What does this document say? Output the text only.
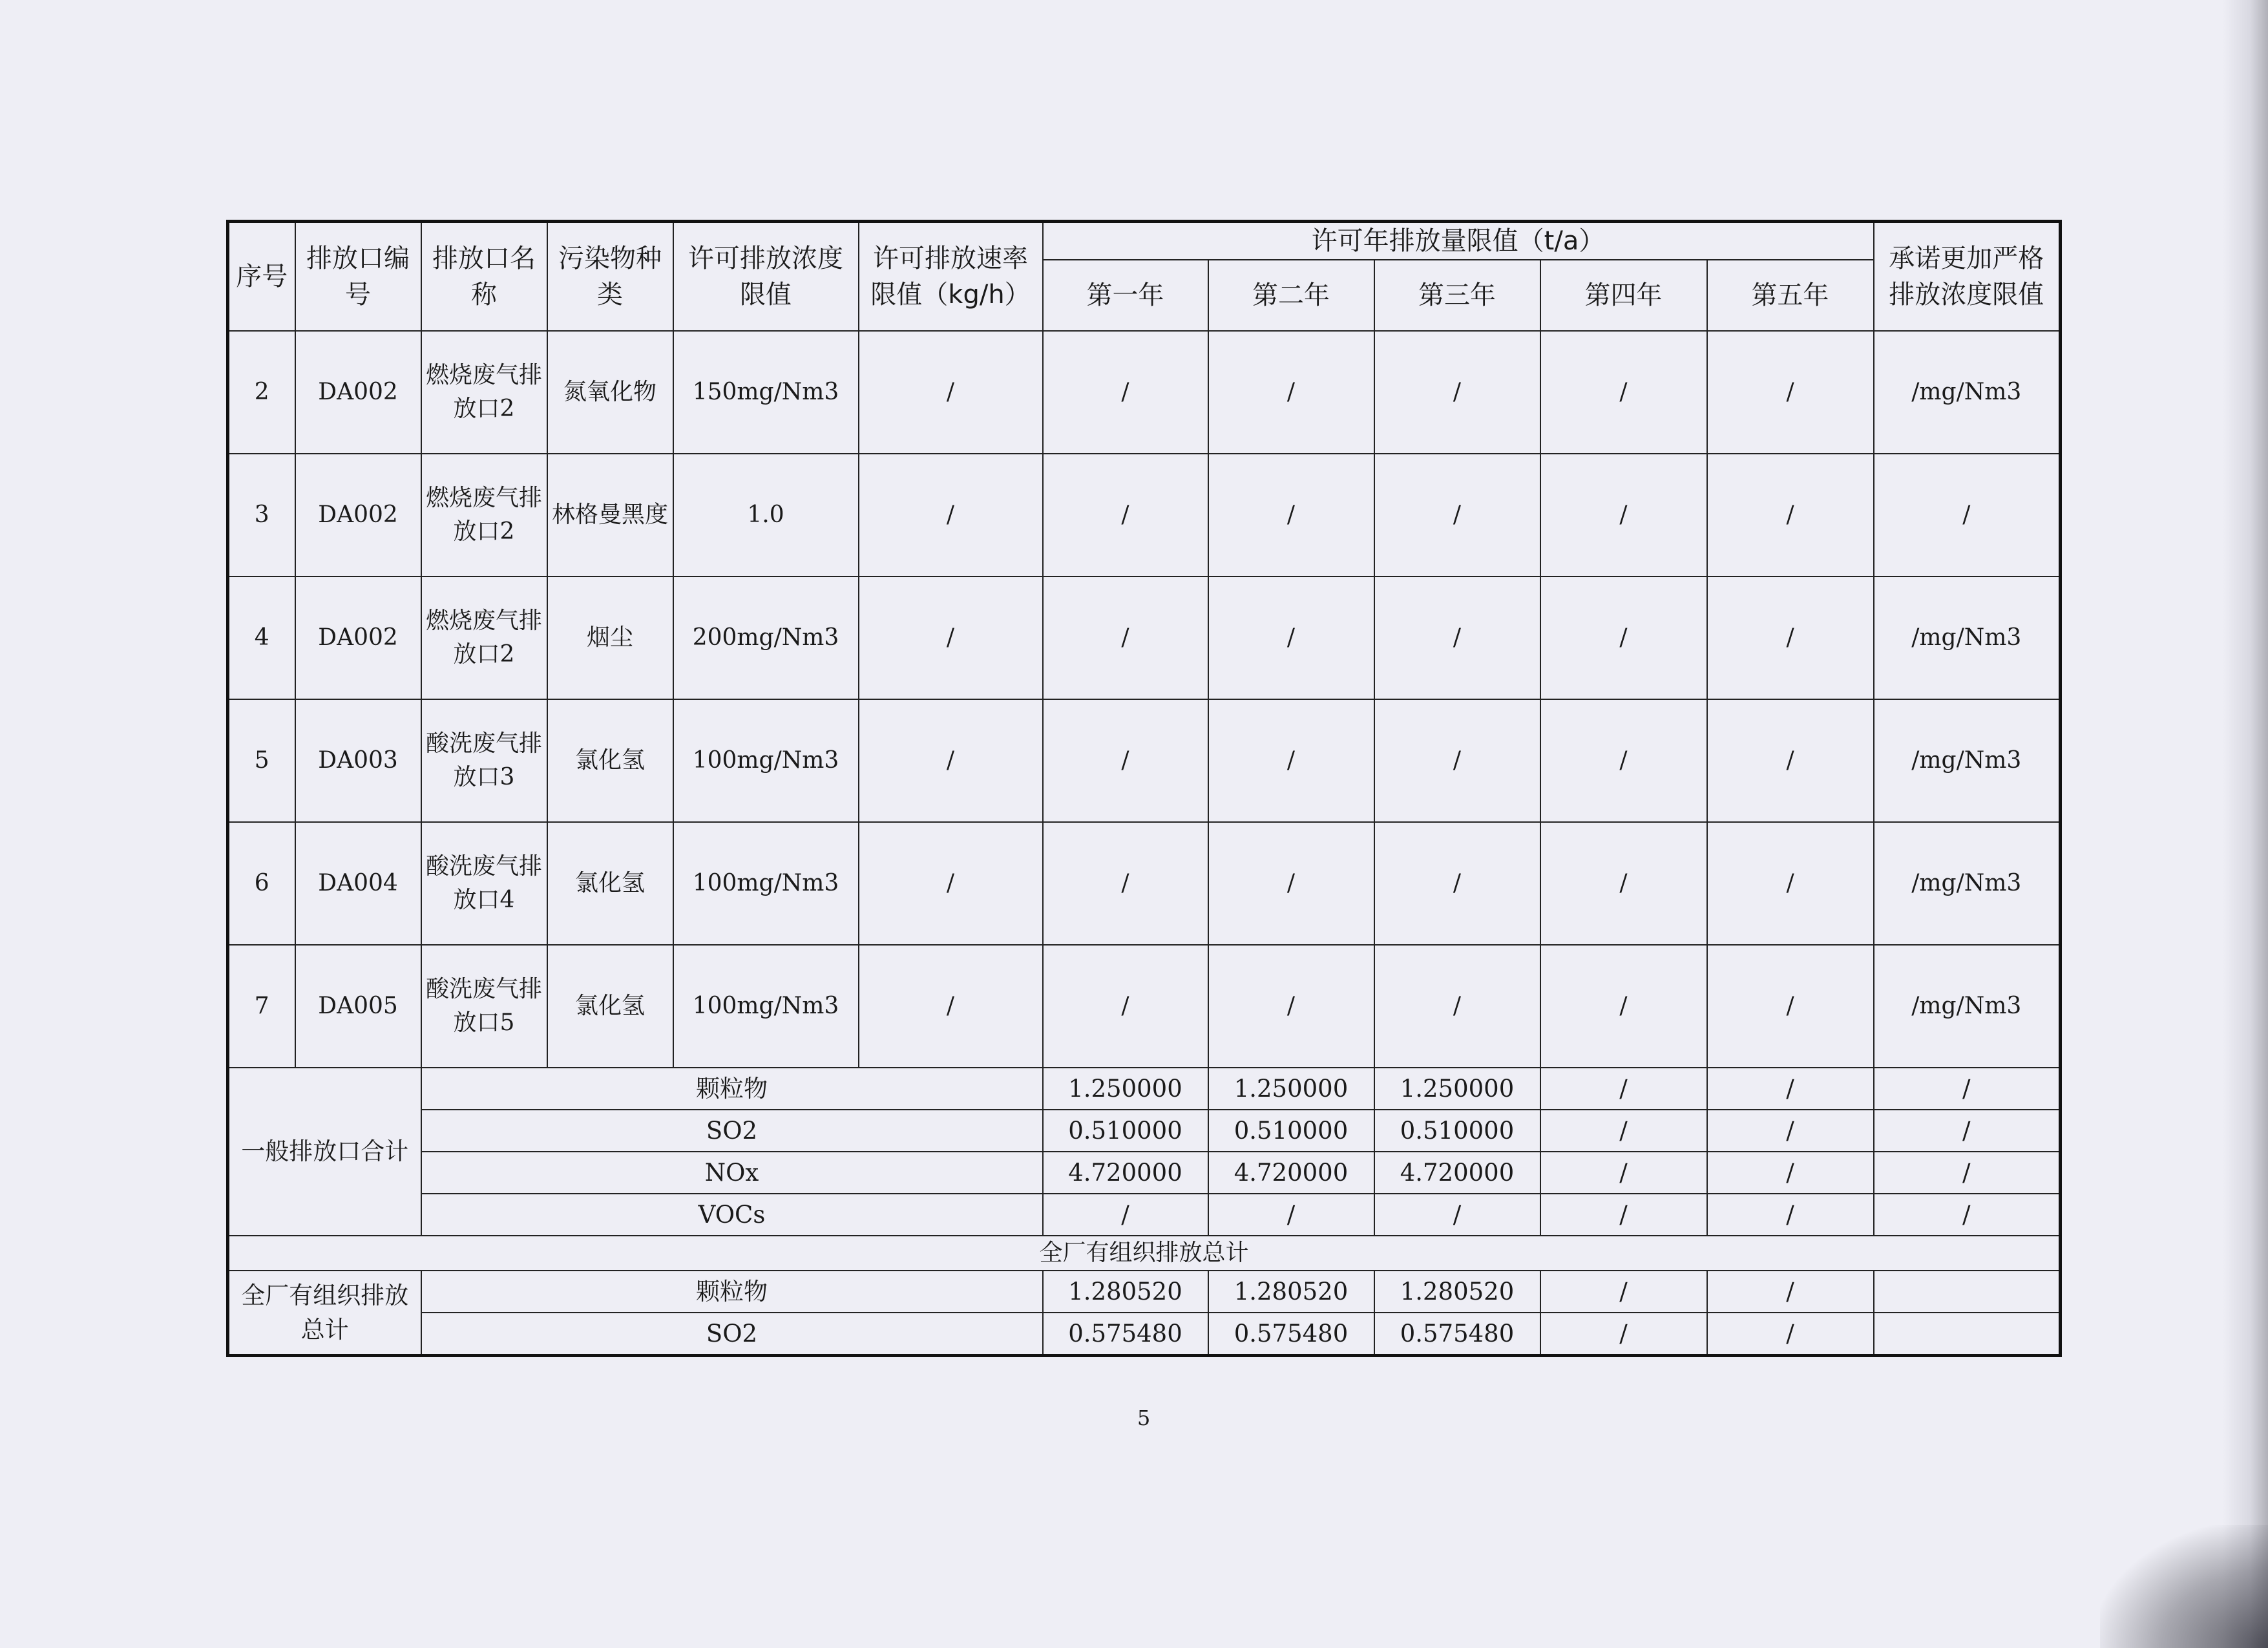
序号	排放口编号	排放口名称	污染物种类	许可排放浓度限值	许可排放速率限值（kg/h）	许可年排放量限值（t/a）					承诺更加严格排放浓度限值
						第一年	第二年	第三年	第四年	第五年	
2	DA002	燃烧废气排放口2	氮氧化物	150mg/Nm3	/	/	/	/	/	/	/mg/Nm3
3	DA002	燃烧废气排放口2	林格曼黑度	1.0	/	/	/	/	/	/	/
4	DA002	燃烧废气排放口2	烟尘	200mg/Nm3	/	/	/	/	/	/	/mg/Nm3
5	DA003	酸洗废气排放口3	氯化氢	100mg/Nm3	/	/	/	/	/	/	/mg/Nm3
6	DA004	酸洗废气排放口4	氯化氢	100mg/Nm3	/	/	/	/	/	/	/mg/Nm3
7	DA005	酸洗废气排放口5	氯化氢	100mg/Nm3	/	/	/	/	/	/	/mg/Nm3
一般排放口合计		颗粒物				1.250000	1.250000	1.250000	/	/	/
		SO2				0.510000	0.510000	0.510000	/	/	/
		NOx				4.720000	4.720000	4.720000	/	/	/
		VOCs				/	/	/	/	/	/
全厂有组织排放总计											
全厂有组织排放总计		颗粒物				1.280520	1.280520	1.280520	/	/	
		SO2				0.575480	0.575480	0.575480	/	/	
5
